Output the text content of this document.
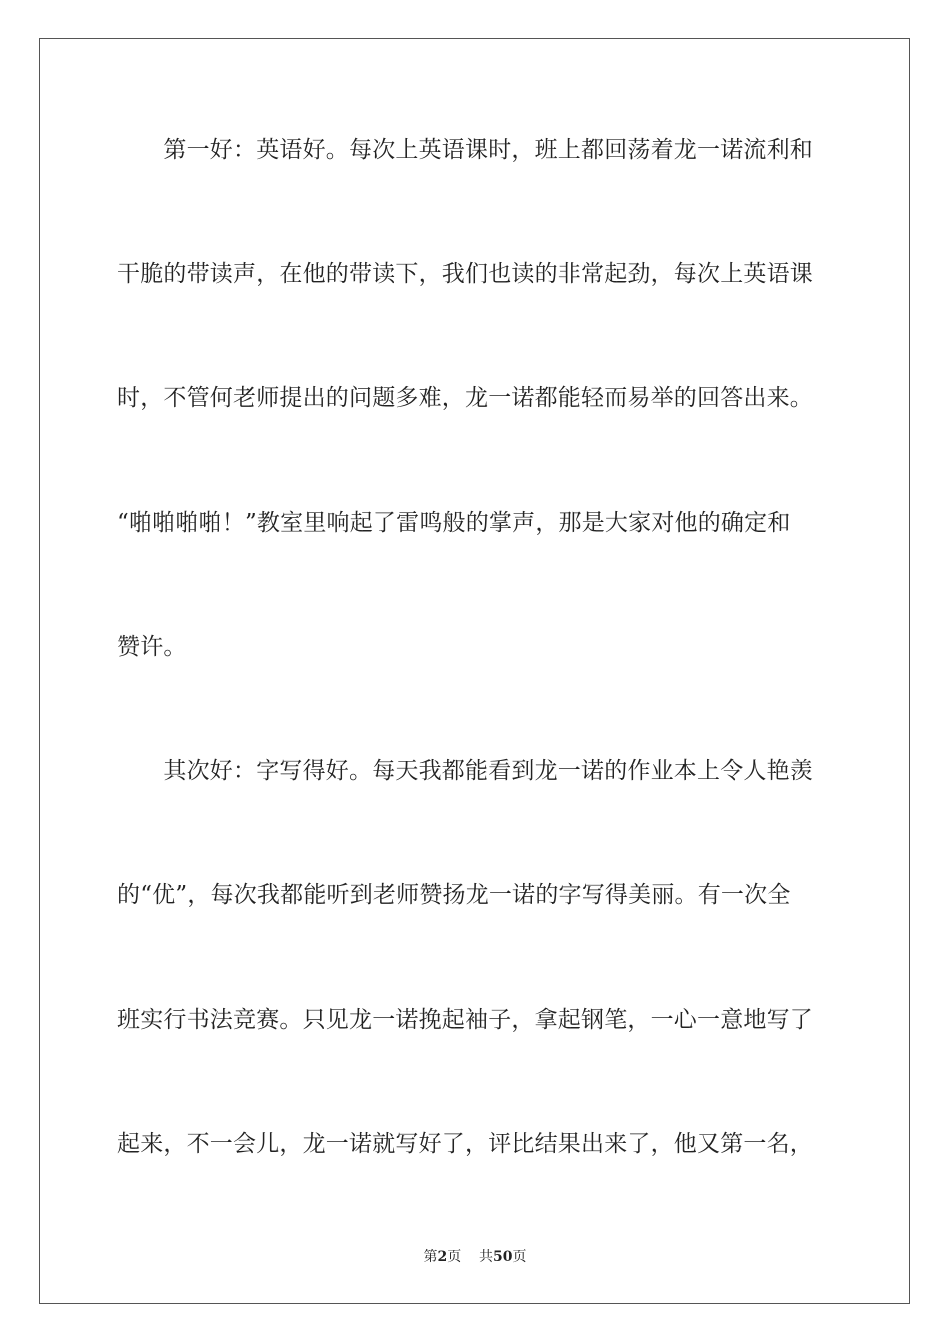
　　第一好：英语好。每次上英语课时，班上都回荡着龙一诺流利和
干脆的带读声，在他的带读下，我们也读的非常起劲，每次上英语课
时，不管何老师提出的问题多难，龙一诺都能轻而易举的回答出来。
“啪啪啪啪！”教室里响起了雷鸣般的掌声，那是大家对他的确定和
赞许。
　　其次好：字写得好。每天我都能看到龙一诺的作业本上令人艳羡
的“优”，每次我都能听到老师赞扬龙一诺的字写得美丽。有一次全
班实行书法竞赛。只见龙一诺挽起袖子，拿起钢笔，一心一意地写了
起来，不一会儿，龙一诺就写好了，评比结果出来了，他又第一名，
第2页 共50页
